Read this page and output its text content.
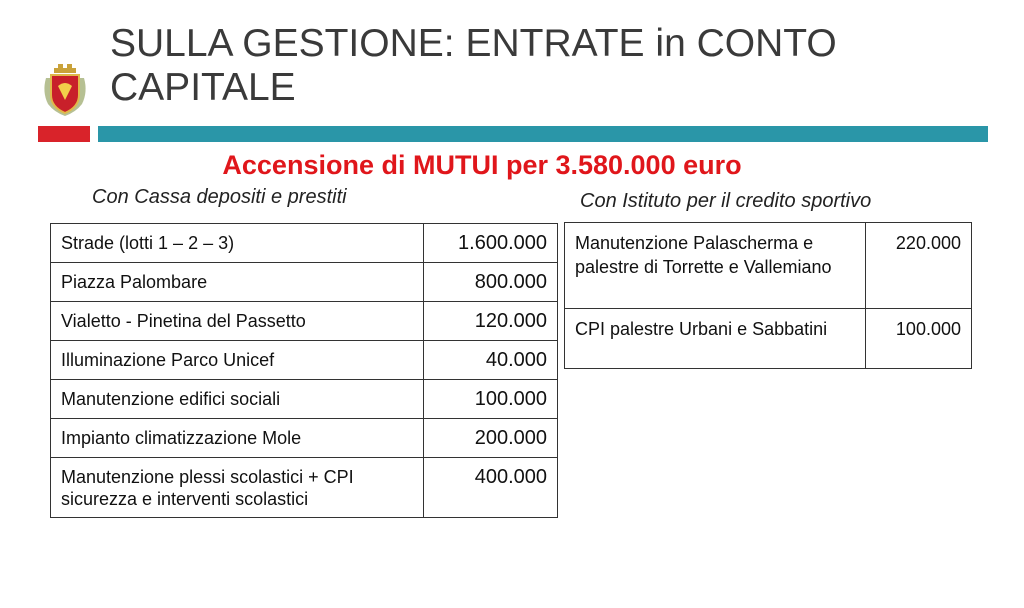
SULLA GESTIONE: ENTRATE in CONTO
CAPITALE
Accensione di MUTUI per 3.580.000 euro
Con Cassa depositi e prestiti	Con Istituto per il credito sportivo
Strade (lotti 1 – 2 – 3)	1.600.000
Piazza Palombare	800.000
Vialetto - Pinetina del Passetto	120.000
Illuminazione Parco Unicef	40.000
Manutenzione edifici sociali	100.000
Impianto climatizzazione Mole	200.000
Manutenzione plessi scolastici + CPI sicurezza e interventi scolastici	400.000
Manutenzione Palascherma e palestre di Torrette e Vallemiano	220.000
CPI palestre Urbani e Sabbatini	100.000
